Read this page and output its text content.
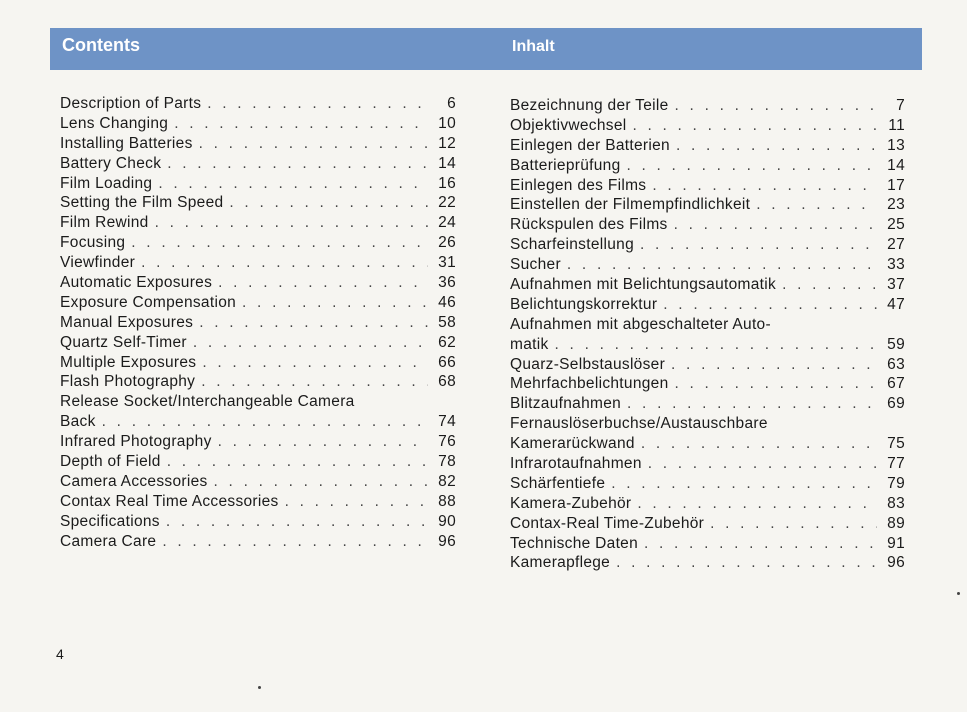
Contents	Inhalt
Description of Parts . . .	6
Lens Changing . . .	10
Installing Batteries . . .	12
Battery Check . . .	14
Film Loading . . .	16
Setting the Film Speed . . .	22
Film Rewind . . .	24
Focusing . . .	26
Viewfinder . . .	31
Automatic Exposures . . .	36
Exposure Compensation . . .	46
Manual Exposures . . .	58
Quartz Self-Timer . . .	62
Multiple Exposures . . .	66
Flash Photography . . .	68
Release Socket/Interchangeable Camera
Back . . .	74
Infrared Photography . . .	76
Depth of Field . . .	78
Camera Accessories . . .	82
Contax Real Time Accessories . . .	88
Specifications . . .	90
Camera Care . . .	96
Bezeichnung der Teile . . .	7
Objektivwechsel . . .	11
Einlegen der Batterien . . .	13
Batterieprüfung . . .	14
Einlegen des Films . . .	17
Einstellen der Filmempfindlichkeit . . .	23
Rückspulen des Films . . .	25
Scharfeinstellung . . .	27
Sucher . . .	33
Aufnahmen mit Belichtungsautomatik . . .	37
Belichtungskorrektur . . .	47
Aufnahmen mit abgeschalteter Auto-
matik . . .	59
Quarz-Selbstauslöser . . .	63
Mehrfachbelichtungen . . .	67
Blitzaufnahmen . . .	69
Fernauslöserbuchse/Austauschbare
Kamerarückwand . . .	75
Infrarotaufnahmen . . .	77
Schärfentiefe . . .	79
Kamera-Zubehör . . .	83
Contax-Real Time-Zubehör . . .	89
Technische Daten . . .	91
Kamerapflege . . .	96
4
